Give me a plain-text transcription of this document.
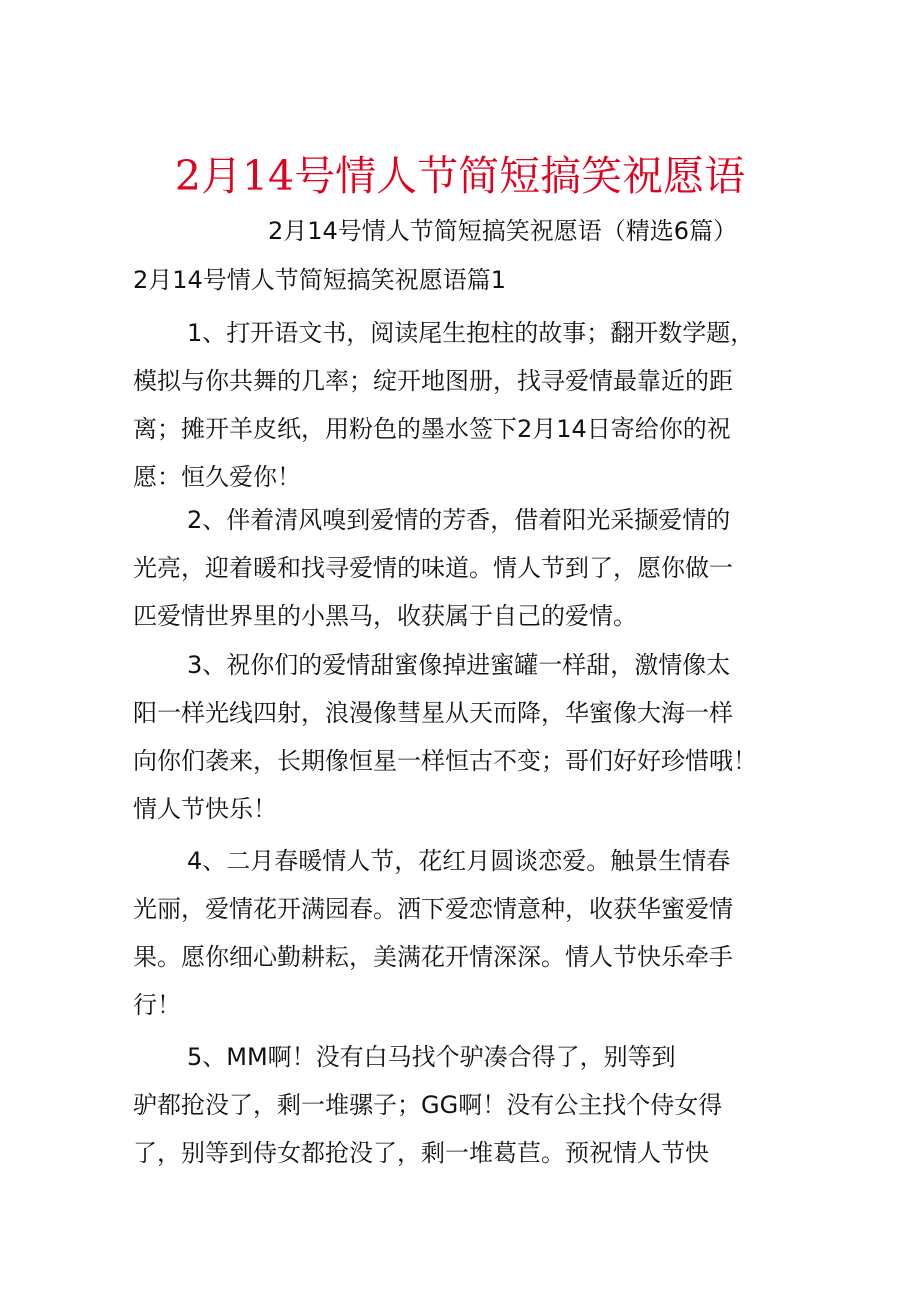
2月14号情人节简短搞笑祝愿语
2月14号情人节简短搞笑祝愿语（精选6篇）
2月14号情人节简短搞笑祝愿语篇1
1、打开语文书，阅读尾生抱柱的故事；翻开数学题，
模拟与你共舞的几率；绽开地图册，找寻爱情最靠近的距
离；摊开羊皮纸，用粉色的墨水签下2月14日寄给你的祝
愿：恒久爱你！
2、伴着清风嗅到爱情的芳香，借着阳光采撷爱情的
光亮，迎着暖和找寻爱情的味道。情人节到了，愿你做一
匹爱情世界里的小黑马，收获属于自己的爱情。
3、祝你们的爱情甜蜜像掉进蜜罐一样甜，激情像太
阳一样光线四射，浪漫像彗星从天而降，华蜜像大海一样
向你们袭来，长期像恒星一样恒古不变；哥们好好珍惜哦！
情人节快乐！
4、二月春暖情人节，花红月圆谈恋爱。触景生情春
光丽，爱情花开满园春。洒下爱恋情意种，收获华蜜爱情
果。愿你细心勤耕耘，美满花开情深深。情人节快乐牵手
行！
5、MM啊！没有白马找个驴凑合得了，别等到
驴都抢没了，剩一堆骡子；GG啊！没有公主找个侍女得
了，别等到侍女都抢没了，剩一堆葛苣。预祝情人节快
